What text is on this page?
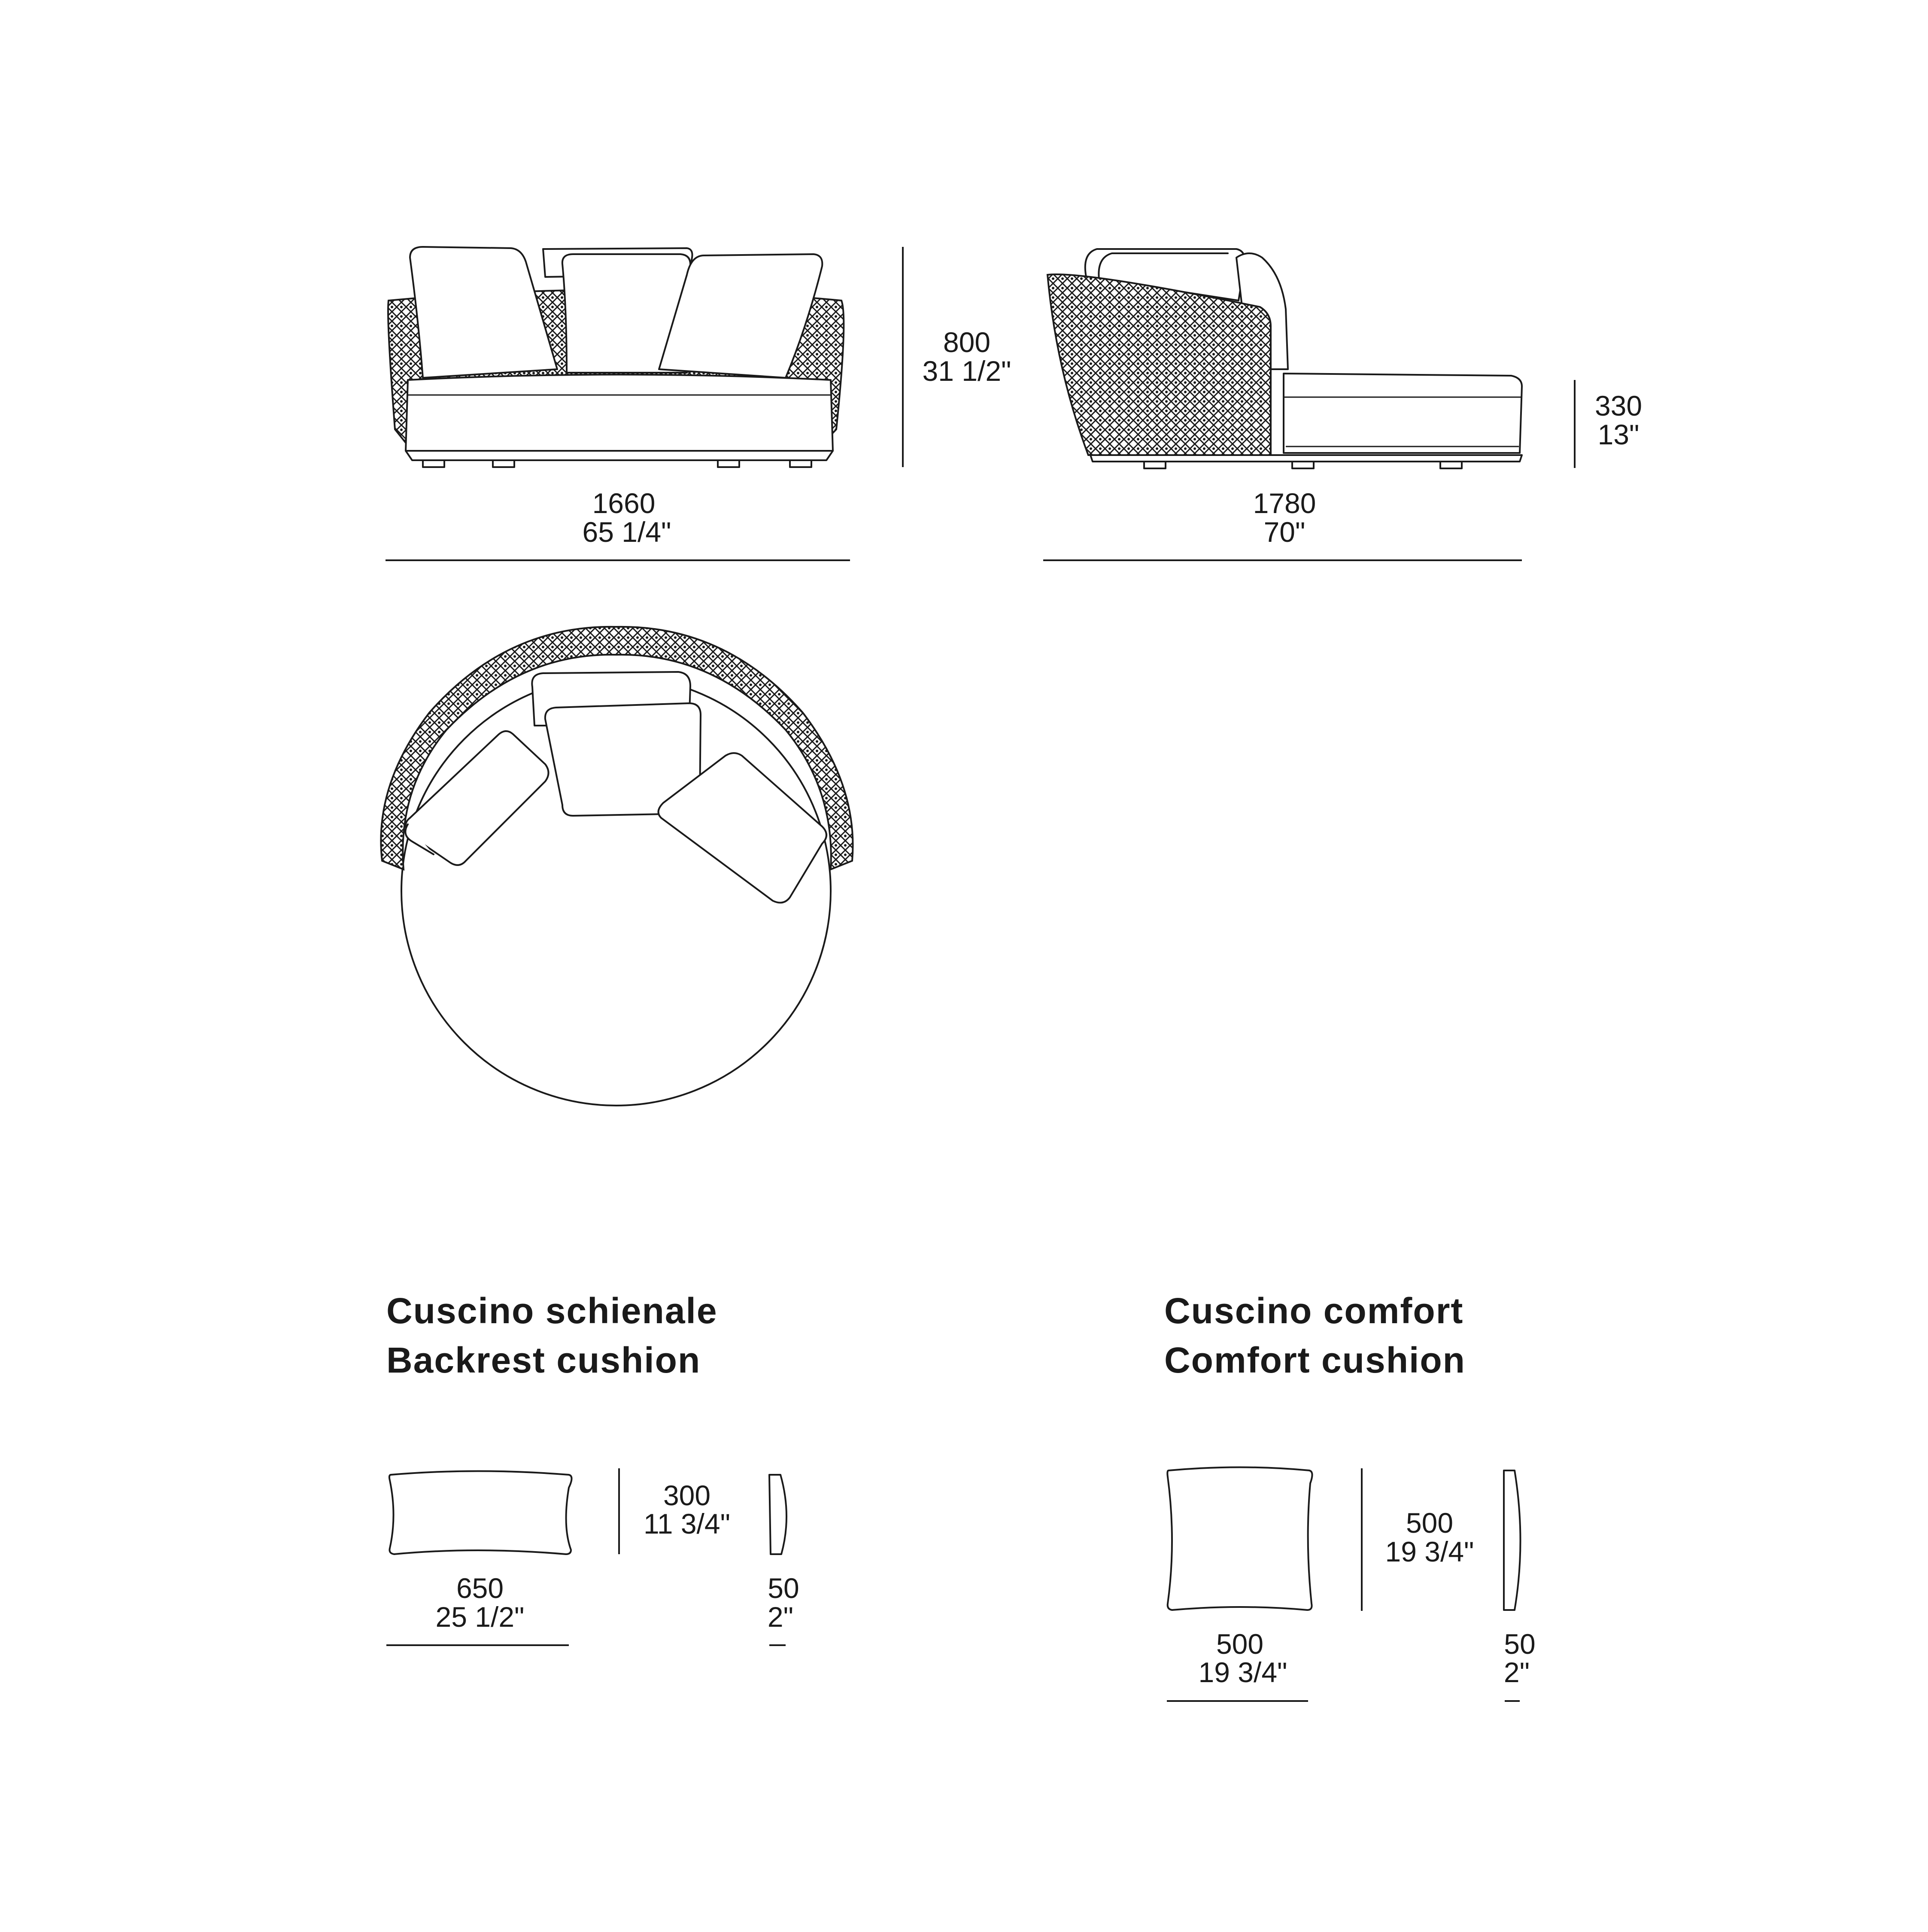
1660
65 1/4"
800
31 1/2"
1780
70"
330
13"
Cuscino schienale
Backrest cushion
650
25 1/2"
300
11 3/4"
50
2"
Cuscino comfort
Comfort cushion
500
19 3/4"
500
19 3/4"
50
2"
